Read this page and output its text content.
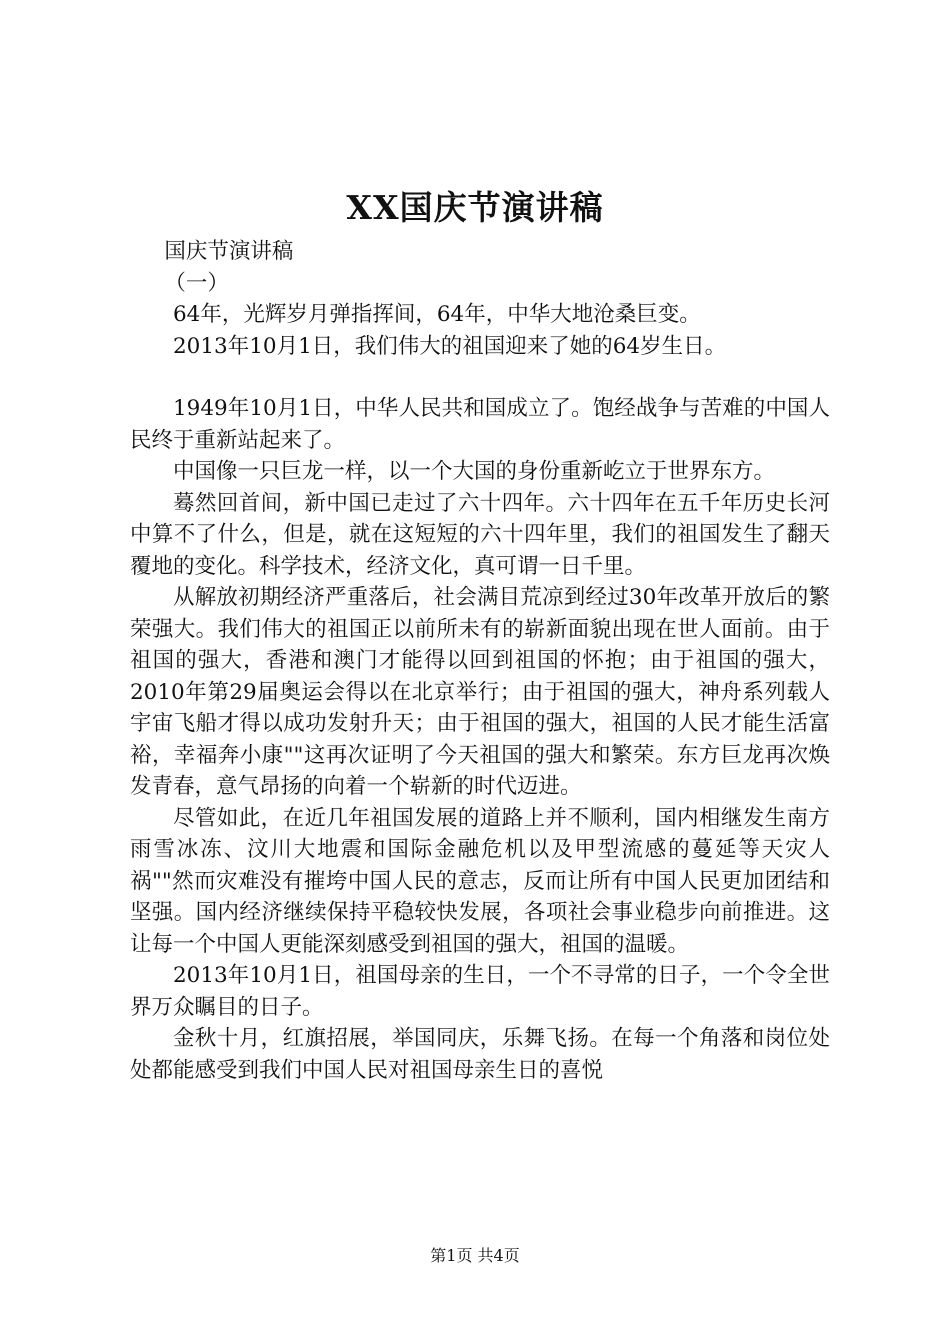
XX国庆节演讲稿

国庆节演讲稿

（一）

64年，光辉岁月弹指挥间，64年，中华大地沧桑巨变。

2013年10月1日，我们伟大的祖国迎来了她的64岁生日。

1949年10月1日，中华人民共和国成立了。饱经战争与苦难的中国人民终于重新站起来了。

中国像一只巨龙一样，以一个大国的身份重新屹立于世界东方。

蓦然回首间，新中国已走过了六十四年。六十四年在五千年历史长河中算不了什么，但是，就在这短短的六十四年里，我们的祖国发生了翻天覆地的变化。科学技术，经济文化，真可谓一日千里。

从解放初期经济严重落后，社会满目荒凉到经过30年改革开放后的繁荣强大。我们伟大的祖国正以前所未有的崭新面貌出现在世人面前。由于祖国的强大，香港和澳门才能得以回到祖国的怀抱；由于祖国的强大，2010年第29届奥运会得以在北京举行；由于祖国的强大，神舟系列载人宇宙飞船才得以成功发射升天；由于祖国的强大，祖国的人民才能生活富裕，幸福奔小康""这再次证明了今天祖国的强大和繁荣。东方巨龙再次焕发青春，意气昂扬的向着一个崭新的时代迈进。

尽管如此，在近几年祖国发展的道路上并不顺利，国内相继发生南方雨雪冰冻、汶川大地震和国际金融危机以及甲型流感的蔓延等天灾人祸""然而灾难没有摧垮中国人民的意志，反而让所有中国人民更加团结和坚强。国内经济继续保持平稳较快发展，各项社会事业稳步向前推进。这让每一个中国人更能深刻感受到祖国的强大，祖国的温暖。

2013年10月1日，祖国母亲的生日，一个不寻常的日子，一个令全世界万众瞩目的日子。

金秋十月，红旗招展，举国同庆，乐舞飞扬。在每一个角落和岗位处处都能感受到我们中国人民对祖国母亲生日的喜悦

第1页 共4页
